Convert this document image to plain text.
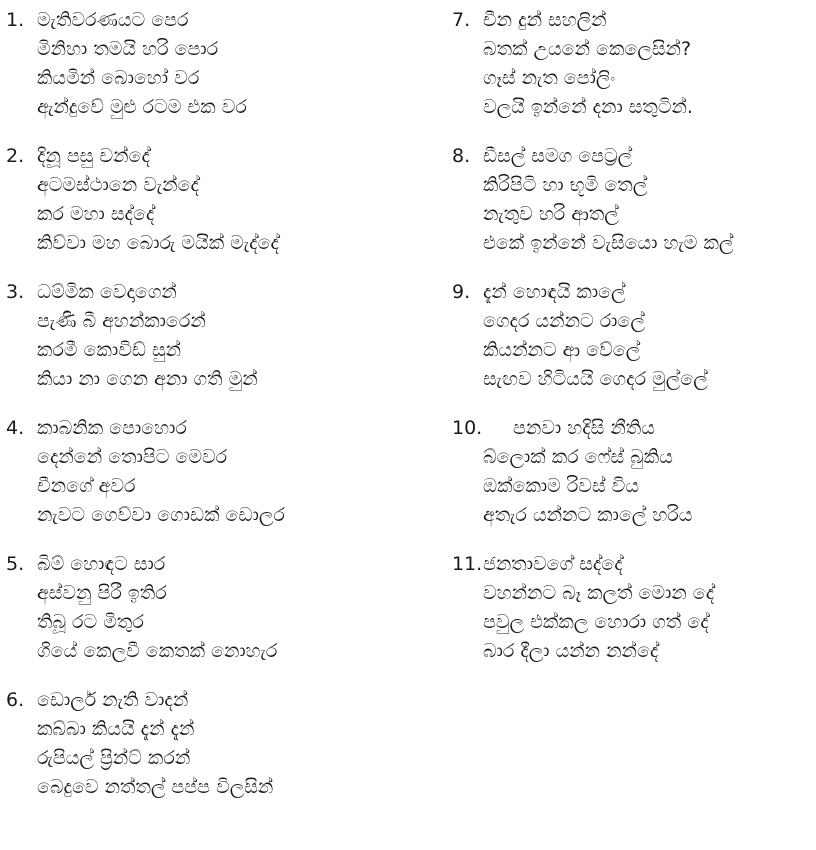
1. මැතිවරණයට පෙර
මිනිහා තමයි හරි පොර
කියමින් බොහෝ වර
ඇන්දුවේ මුළු රටම එක වර
2. දිනූ පසු චන්දේ
අටමස්ථානෙ වැන්දේ
කර මහා සද්දේ
කිව්වා මහ බොරු මයික් මැද්දේ
3. ධම්මික වෙදාගෙන්
පැණි බී අහන්කාරෙන්
කරමී කොවිඩ් සුන්
කියා නා ගෙන අනා ගති මුන්
4. කාබනික පොහොර
දෙන්නේ තොපිට මෙවර
චීනගේ අවර
නැවට ගෙව්වා ගොඩක් ඩොලර
5. බිම් හොඳට සාර
අස්වනු පිරී ඉතිර
තිබූ රට මිතුර
ගියේ කෙලවී කෙතක් නොහැර
6. ඩොලර් නැති වාදන්
කබ්බා කියයි දැන් දැන්
රුපියල් ප්‍රින්ට් කරන්
බෙදුවෙ නත්තල් පප්ප විලසින්
7. චීන දුන් සහලින්
බතක් උයනේ කෙලෙසින්?
ගෑස් නැත පෝලිං
වලයි ඉන්නේ දනා සතුටින්.
8. ඩීසල් සමග පෙට්‍රල්
කිරිපිටි හා භූමි තෙල්
නැතුව හරි ආතල්
එකේ ඉන්නේ වැසියො හැම කල්
9. දැන් හොඳයි කාලේ
ගෙදර යන්නට රාලේ
කියන්නට ආ වේලේ
සැඟව හිටියයි ගෙදර මුල්ලේ
10. පනවා හදිසි නීතිය
බ්ලොක් කර ෆේස් බුකිය
ඔක්කොම රිවස් විය
අතැර යන්නට කාලේ හරිය
11. ජනතාවගේ සද්දේ
වහන්නට බෑ කලත් මොන දේ
පවුල එක්කල හොරා ගත් දේ
බාර දීලා යන්න නන්දේ
